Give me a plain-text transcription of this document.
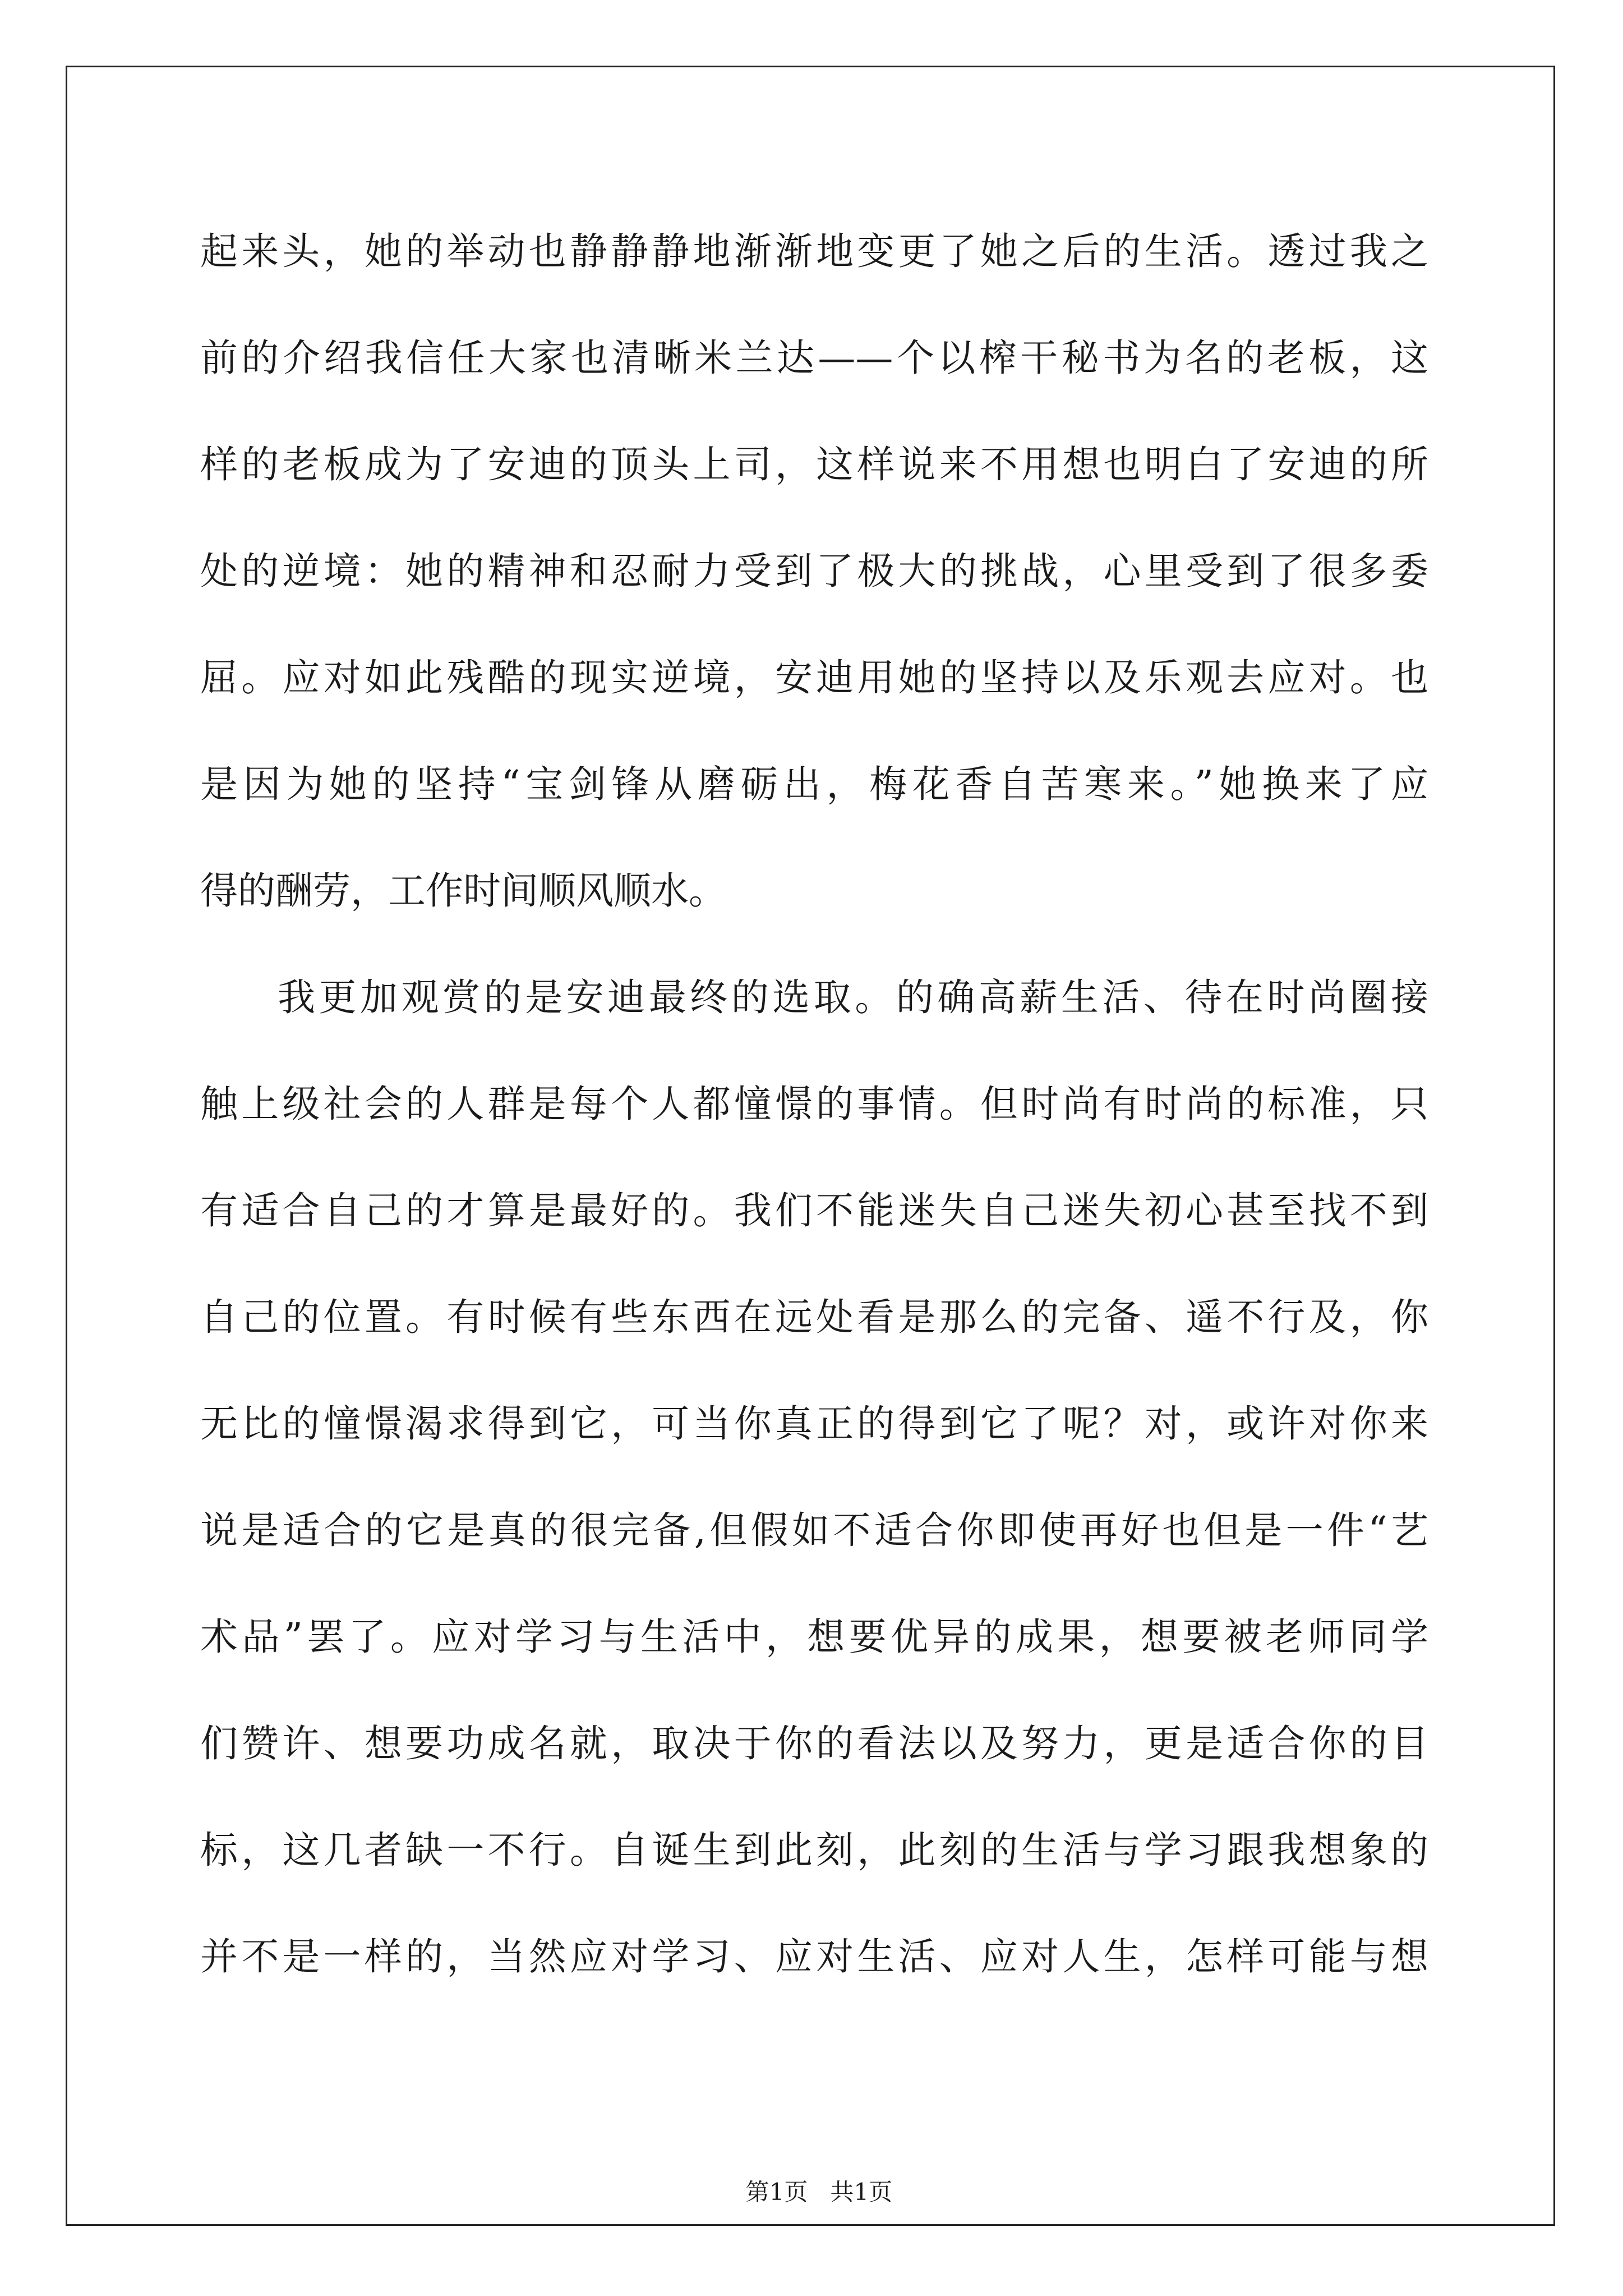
起来头，她的举动也静静静地渐渐地变更了她之后的生活。透过我之
前的介绍我信任大家也清晰米兰达——个以榨干秘书为名的老板，这
样的老板成为了安迪的顶头上司，这样说来不用想也明白了安迪的所
处的逆境：她的精神和忍耐力受到了极大的挑战，心里受到了很多委
屈。应对如此残酷的现实逆境，安迪用她的坚持以及乐观去应对。也
是因为她的坚持“宝剑锋从磨砺出，梅花香自苦寒来。”她换来了应
得的酬劳，工作时间顺风顺水。
我更加观赏的是安迪最终的选取。的确高薪生活、待在时尚圈接
触上级社会的人群是每个人都憧憬的事情。但时尚有时尚的标准，只
有适合自己的才算是最好的。我们不能迷失自己迷失初心甚至找不到
自己的位置。有时候有些东西在远处看是那么的完备、遥不行及，你
无比的憧憬渴求得到它，可当你真正的得到它了呢？对，或许对你来
说是适合的它是真的很完备,但假如不适合你即使再好也但是一件“艺
术品”罢了。应对学习与生活中，想要优异的成果，想要被老师同学
们赞许、想要功成名就，取决于你的看法以及努力，更是适合你的目
标，这几者缺一不行。自诞生到此刻，此刻的生活与学习跟我想象的
并不是一样的，当然应对学习、应对生活、应对人生，怎样可能与想

第1页   共1页
